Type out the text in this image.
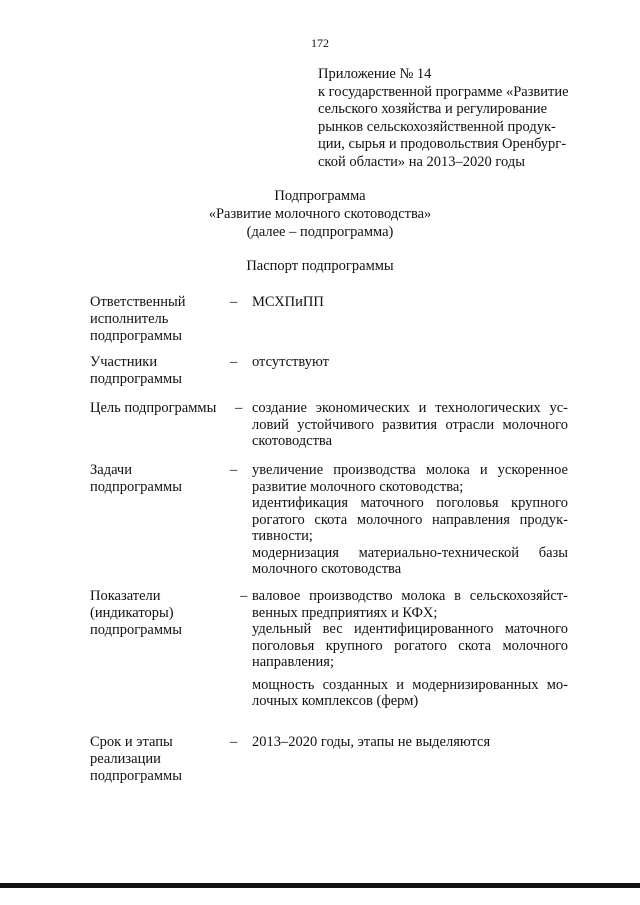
172
Приложение № 14
к государственной программе «Развитие
сельского хозяйства и регулирование
рынков сельскохозяйственной продук-
ции, сырья и продовольствия Оренбург-
ской области» на 2013–2020 годы
Подпрограмма
«Развитие молочного скотоводства»
(далее – подпрограмма)
Паспорт подпрограммы
Ответственный
исполнитель
подпрограммы
– МСХПиПП
Участники
подпрограммы
– отсутствуют
Цель подпрограммы	– создание экономических и технологических ус-
ловий устойчивого развития отрасли молочного
скотоводства
Задачи
подпрограммы
– увеличение производства молока и ускоренное
развитие молочного скотоводства;
идентификация маточного поголовья крупного
рогатого скота молочного направления продук-
тивности;
модернизация материально-технической базы
молочного скотоводства
Показатели
(индикаторы)
подпрограммы
– валовое производство молока в сельскохозяйст-
венных предприятиях и КФХ;
удельный вес идентифицированного маточного
поголовья крупного рогатого скота молочного
направления;
мощность созданных и модернизированных мо-
лочных комплексов (ферм)
Срок и этапы
реализации
подпрограммы
– 2013–2020 годы, этапы не выделяются
